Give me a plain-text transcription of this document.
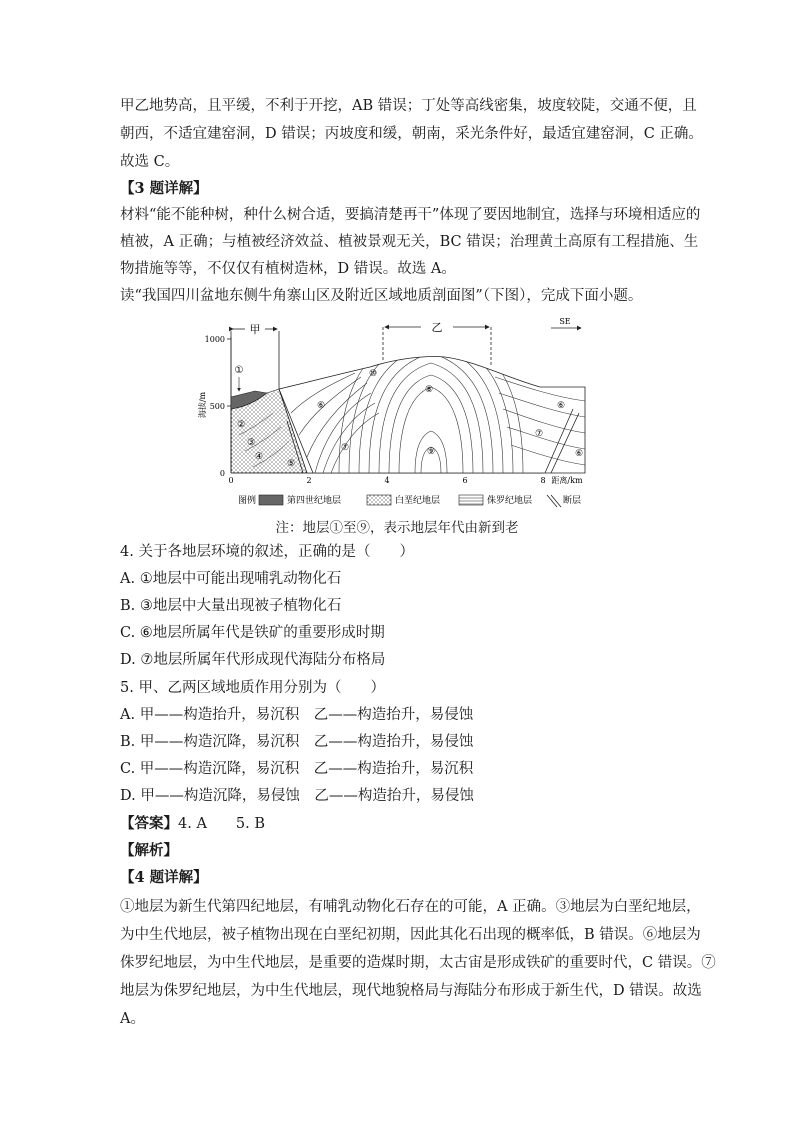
甲乙地势高，且平缓，不利于开挖，AB 错误；丁处等高线密集，坡度较陡，交通不便，且
朝西，不适宜建窑洞，D 错误；丙坡度和缓，朝南，采光条件好，最适宜建窑洞，C 正确。
故选 C。
【3 题详解】
材料“能不能种树，种什么树合适，要搞清楚再干”体现了要因地制宜，选择与环境相适应的
植被，A 正确；与植被经济效益、植被景观无关，BC 错误；治理黄土高原有工程措施、生
物措施等等，不仅仅有植树造林，D 错误。故选 A。
读“我国四川盆地东侧牛角寨山区及附近区域地质剖面图”（下图），完成下面小题。
甲	乙	SE
1000
500
0
海拔/m
0	2	4	6	8 距离/km
①
②
③
④
⑤
⑥
⑦
⑧
⑨
⑩
⑥
⑦
⑥
图例	第四世纪地层	白垩纪地层	侏罗纪地层	断层
注：地层①至⑨，表示地层年代由新到老
4. 关于各地层环境的叙述，正确的是（　　）
A. ①地层中可能出现哺乳动物化石
B. ③地层中大量出现被子植物化石
C. ⑥地层所属年代是铁矿的重要形成时期
D. ⑦地层所属年代形成现代海陆分布格局
5. 甲、乙两区域地质作用分别为（　　）
A. 甲——构造抬升，易沉积　乙——构造抬升，易侵蚀
B. 甲——构造沉降，易沉积　乙——构造抬升，易侵蚀
C. 甲——构造沉降，易沉积　乙——构造抬升，易沉积
D. 甲——构造沉降，易侵蚀　乙——构造抬升，易侵蚀
【答案】4. A　　5. B
【解析】
【4 题详解】
①地层为新生代第四纪地层，有哺乳动物化石存在的可能，A 正确。③地层为白垩纪地层，
为中生代地层，被子植物出现在白垩纪初期，因此其化石出现的概率低，B 错误。⑥地层为
侏罗纪地层，为中生代地层，是重要的造煤时期，太古宙是形成铁矿的重要时代，C 错误。⑦
地层为侏罗纪地层，为中生代地层，现代地貌格局与海陆分布形成于新生代，D 错误。故选
A。
